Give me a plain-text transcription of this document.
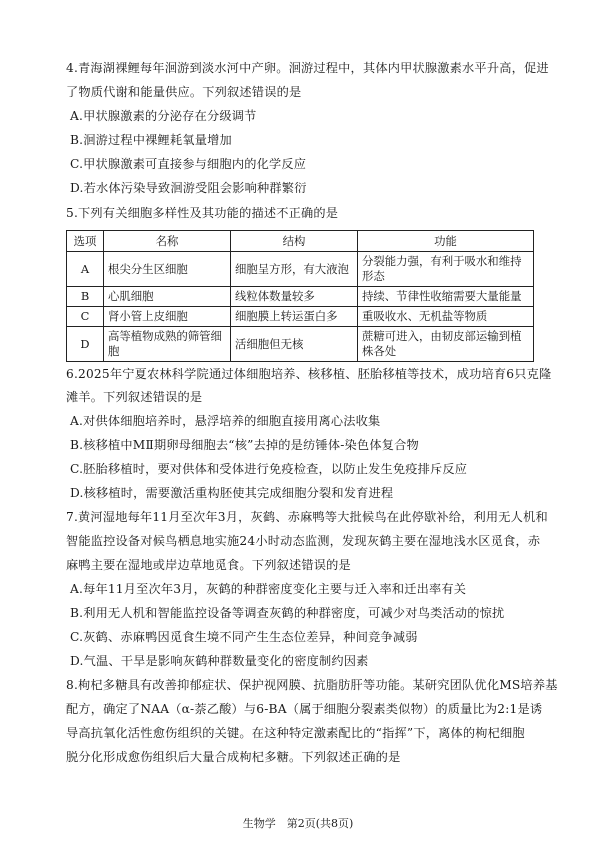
4.青海湖裸鲤每年洄游到淡水河中产卵。洄游过程中，其体内甲状腺激素水平升高，促进
了物质代谢和能量供应。下列叙述错误的是
A.甲状腺激素的分泌存在分级调节
B.洄游过程中裸鲤耗氧量增加
C.甲状腺激素可直接参与细胞内的化学反应
D.若水体污染导致洄游受阻会影响种群繁衍
5.下列有关细胞多样性及其功能的描述不正确的是
选项	名称	结构	功能
A	根尖分生区细胞	细胞呈方形，有大液泡	分裂能力强，有利于吸水和维持形态
B	心肌细胞	线粒体数量较多	持续、节律性收缩需要大量能量
C	肾小管上皮细胞	细胞膜上转运蛋白多	重吸收水、无机盐等物质
D	高等植物成熟的筛管细胞	活细胞但无核	蔗糖可进入，由韧皮部运输到植株各处
6.2025年宁夏农林科学院通过体细胞培养、核移植、胚胎移植等技术，成功培育6只克隆
滩羊。下列叙述错误的是
A.对供体细胞培养时，悬浮培养的细胞直接用离心法收集
B.核移植中MⅡ期卵母细胞去“核”去掉的是纺锤体-染色体复合物
C.胚胎移植时，要对供体和受体进行免疫检查，以防止发生免疫排斥反应
D.核移植时，需要激活重构胚使其完成细胞分裂和发育进程
7.黄河湿地每年11月至次年3月，灰鹤、赤麻鸭等大批候鸟在此停歇补给，利用无人机和
智能监控设备对候鸟栖息地实施24小时动态监测，发现灰鹤主要在湿地浅水区觅食，赤
麻鸭主要在湿地或岸边草地觅食。下列叙述错误的是
A.每年11月至次年3月，灰鹤的种群密度变化主要与迁入率和迁出率有关
B.利用无人机和智能监控设备等调查灰鹤的种群密度，可减少对鸟类活动的惊扰
C.灰鹤、赤麻鸭因觅食生境不同产生生态位差异，种间竞争减弱
D.气温、干旱是影响灰鹤种群数量变化的密度制约因素
8.枸杞多糖具有改善抑郁症状、保护视网膜、抗脂肪肝等功能。某研究团队优化MS培养基
配方，确定了NAA（α-萘乙酸）与6-BA（属于细胞分裂素类似物）的质量比为2:1是诱
导高抗氧化活性愈伤组织的关键。在这种特定激素配比的“指挥”下，离体的枸杞细胞
脱分化形成愈伤组织后大量合成枸杞多糖。下列叙述正确的是
生物学　第2页(共8页)
